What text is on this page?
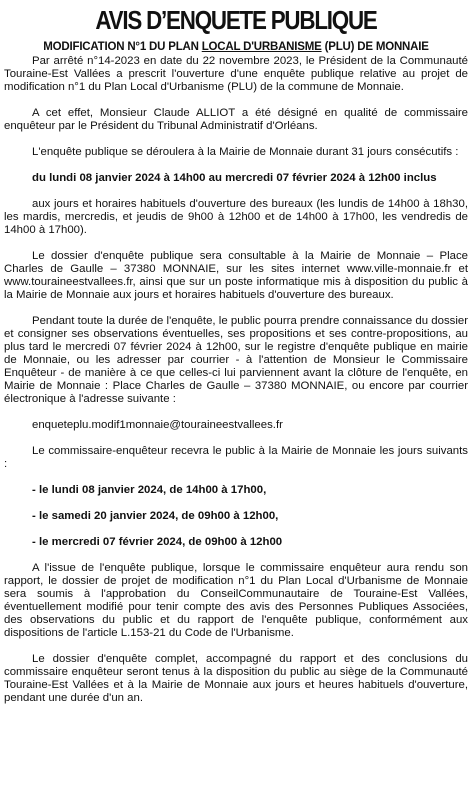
AVIS D’ENQUETE PUBLIQUE
MODIFICATION N°1 DU PLAN LOCAL D'URBANISME (PLU) DE MONNAIE

Par arrêté n°14-2023 en date du 22 novembre 2023, le Président de la Communauté Touraine-Est Vallées a prescrit l'ouverture d'une enquête publique relative au projet de modification n°1 du Plan Local d'Urbanisme (PLU) de la commune de Monnaie.

A cet effet, Monsieur Claude ALLIOT a été désigné en qualité de commissaire enquêteur par le Président du Tribunal Administratif d'Orléans.

L'enquête publique se déroulera à la Mairie de Monnaie durant 31 jours consécutifs :

du lundi 08 janvier 2024 à 14h00 au mercredi 07 février 2024 à 12h00 inclus

aux jours et horaires habituels d'ouverture des bureaux (les lundis de 14h00 à 18h30, les mardis, mercredis, et jeudis de 9h00 à 12h00 et de 14h00 à 17h00, les vendredis de 14h00 à 17h00).

Le dossier d'enquête publique sera consultable à la Mairie de Monnaie – Place Charles de Gaulle – 37380 MONNAIE, sur les sites internet www.ville-monnaie.fr et www.touraineestvallees.fr, ainsi que sur un poste informatique mis à disposition du public à la Mairie de Monnaie aux jours et horaires habituels d'ouverture des bureaux.

Pendant toute la durée de l'enquête, le public pourra prendre connaissance du dossier et consigner ses observations éventuelles, ses propositions et ses contre-propositions, au plus tard le mercredi 07 février 2024 à 12h00, sur le registre d'enquête publique en mairie de Monnaie, ou les adresser par courrier - à l'attention de Monsieur le Commissaire Enquêteur - de manière à ce que celles-ci lui parviennent avant la clôture de l'enquête, en Mairie de Monnaie : Place Charles de Gaulle – 37380 MONNAIE, ou encore par courrier électronique à l'adresse suivante :

enqueteplu.modif1monnaie@touraineestvallees.fr

Le commissaire-enquêteur recevra le public à la Mairie de Monnaie les jours suivants :

- le lundi 08 janvier 2024, de 14h00 à 17h00,

- le samedi 20 janvier 2024, de 09h00 à 12h00,

- le mercredi 07 février 2024, de 09h00 à 12h00

A l'issue de l'enquête publique, lorsque le commissaire enquêteur aura rendu son rapport, le dossier de projet de modification n°1 du Plan Local d'Urbanisme de Monnaie sera soumis à l'approbation du ConseilCommunautaire de Touraine-Est Vallées, éventuellement modifié pour tenir compte des avis des Personnes Publiques Associées, des observations du public et du rapport de l'enquête publique, conformément aux dispositions de l'article L.153-21 du Code de l'Urbanisme.

Le dossier d'enquête complet, accompagné du rapport et des conclusions du commissaire enquêteur seront tenus à la disposition du public au siège de la Communauté Touraine-Est Vallées et à la Mairie de Monnaie aux jours et heures habituels d'ouverture, pendant une durée d'un an.
